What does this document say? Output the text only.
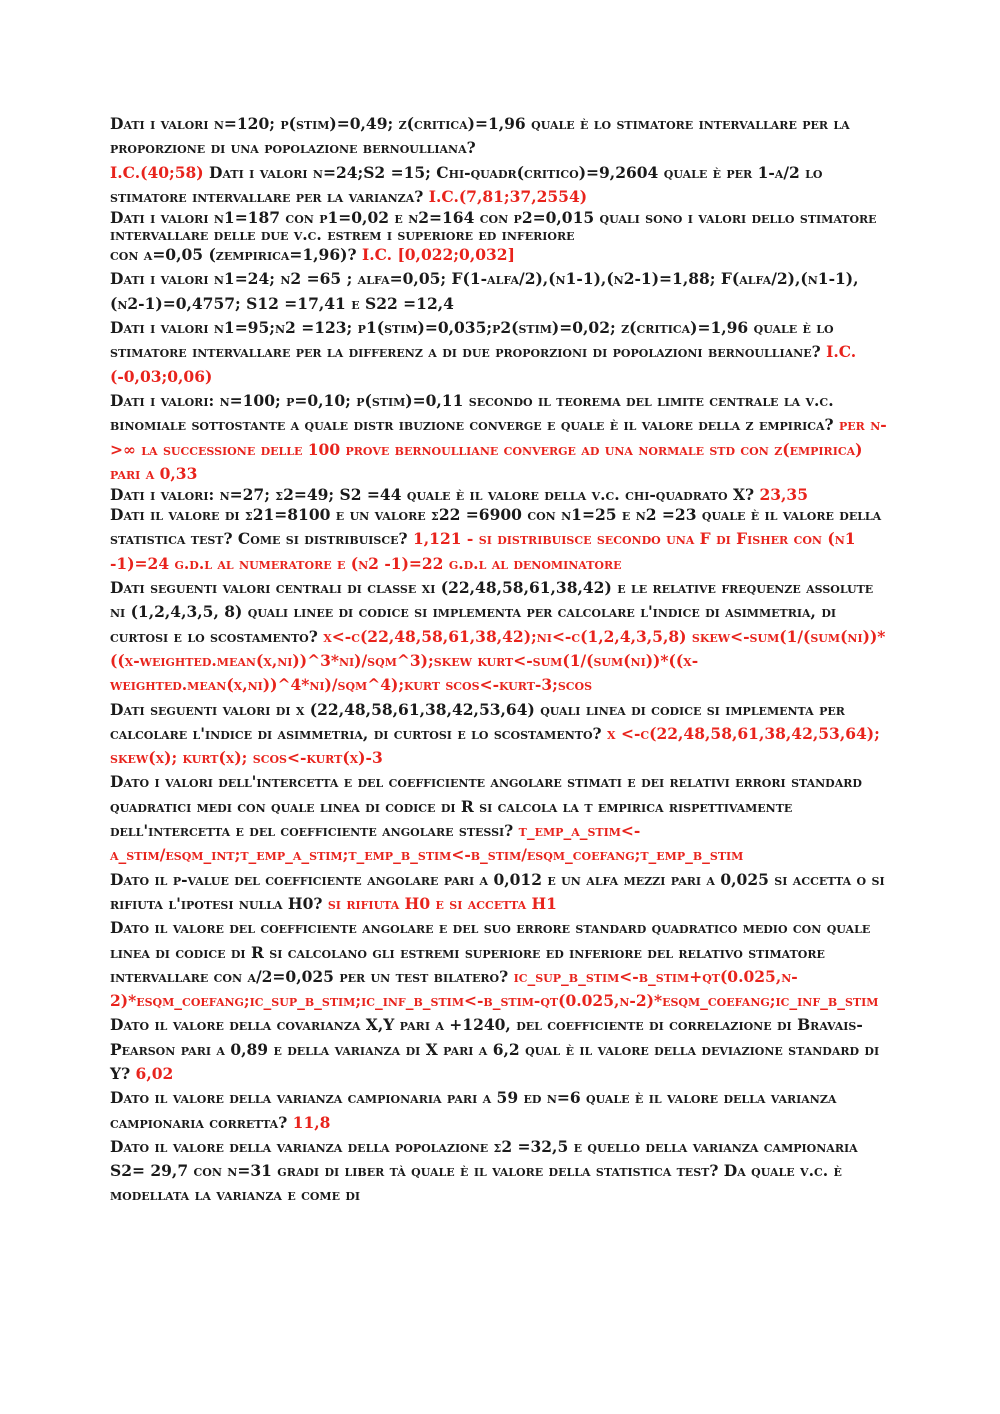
Dati i valori n=120; p(stim)=0,49; z(critica)=1,96 quale è lo stimatore intervallare per la proporzione di una popolazione bernoulliana?

I.C.(40;58) Dati i valori n=24;S2 =15; Chi-quadr(critico)=9,2604 quale è per 1-α/2 lo stimatore intervallare per la varianza? I.C.(7,81;37,2554)

Dati i valori n1=187 con p1=0,02 e n2=164 con p2=0,015 quali sono i valori dello stimatore intervallare delle due v.c. estrem i superiore ed inferiore

con α=0,05 (zempirica=1,96)? I.C. [0,022;0,032]

Dati i valori n1=24; n2 =65 ; alfa=0,05; F(1-alfa/2),(n1-1),(n2-1)=1,88; F(alfa/2),(n1-1),(n2-1)=0,4757; S12 =17,41 e S22 =12,4

Dati i valori n1=95;n2 =123; p1(stim)=0,035;p2(stim)=0,02; z(critica)=1,96 quale è lo stimatore intervallare per la differenz a di due proporzioni di popolazioni bernoulliane? I.C.(-0,03;0,06)

Dati i valori: n=100; p=0,10; p(stim)=0,11 secondo il teorema del limite centrale la v.c. binomiale sottostante a quale distr ibuzione converge e quale è il valore della z empirica? per n->∞ la successione delle 100 prove bernoulliane converge ad una normale std con z(empirica) pari a 0,33

Dati i valori: n=27; σ2=49; S2 =44 quale è il valore della v.c. chi-quadrato X? 23,35

Dati il valore di σ21=8100 e un valore σ22 =6900 con n1=25 e n2 =23 quale è il valore della statistica test? Come si distribuisce? 1,121 - si distribuisce secondo una F di Fisher con (n1 -1)=24 g.d.l al numeratore e (n2 -1)=22 g.d.l al denominatore

Dati seguenti valori centrali di classe xi (22,48,58,61,38,42) e le relative frequenze assolute ni (1,2,4,3,5, 8) quali linee di codice si implementa per calcolare l'indice di asimmetria, di curtosi e lo scostamento? x<-c(22,48,58,61,38,42);ni<-c(1,2,4,3,5,8) skew<-sum(1/(sum(ni))*((x-weighted.mean(x,ni))^3*ni)/sqm^3);skew kurt<-sum(1/(sum(ni))*((x-weighted.mean(x,ni))^4*ni)/sqm^4);kurt scos<-kurt-3;scos

Dati seguenti valori di x (22,48,58,61,38,42,53,64) quali linea di codice si implementa per calcolare l'indice di asimmetria, di curtosi e lo scostamento? x <-c(22,48,58,61,38,42,53,64); skew(x); kurt(x); scos<-kurt(x)-3

Dato i valori dell'intercetta e del coefficiente angolare stimati e dei relativi errori standard quadratici medi con quale linea di codice di R si calcola la t empirica rispettivamente dell'intercetta e del coefficiente angolare stessi? t_emp_a_stim<-a_stim/esqm_int;t_emp_a_stim;t_emp_b_stim<-b_stim/esqm_coefang;t_emp_b_stim

Dato il p-value del coefficiente angolare pari a 0,012 e un alfa mezzi pari a 0,025 si accetta o si rifiuta l'ipotesi nulla H0? si rifiuta H0 e si accetta H1

Dato il valore del coefficiente angolare e del suo errore standard quadratico medio con quale linea di codice di R si calcolano gli estremi superiore ed inferiore del relativo stimatore intervallare con α/2=0,025 per un test bilatero? ic_sup_b_stim<-b_stim+qt(0.025,n-2)*esqm_coefang;ic_sup_b_stim;ic_inf_b_stim<-b_stim-qt(0.025,n-2)*esqm_coefang;ic_inf_b_stim

Dato il valore della covarianza X,Y pari a +1240, del coefficiente di correlazione di Bravais-Pearson pari a 0,89 e della varianza di X pari a 6,2 qual è il valore della deviazione standard di Y? 6,02

Dato il valore della varianza campionaria pari a 59 ed n=6 quale è il valore della varianza campionaria corretta? 11,8

Dato il valore della varianza della popolazione σ2 =32,5 e quello della varianza campionaria S2= 29,7 con n=31 gradi di liber tà quale è il valore della statistica test? Da quale v.c. è modellata la varianza e come di
